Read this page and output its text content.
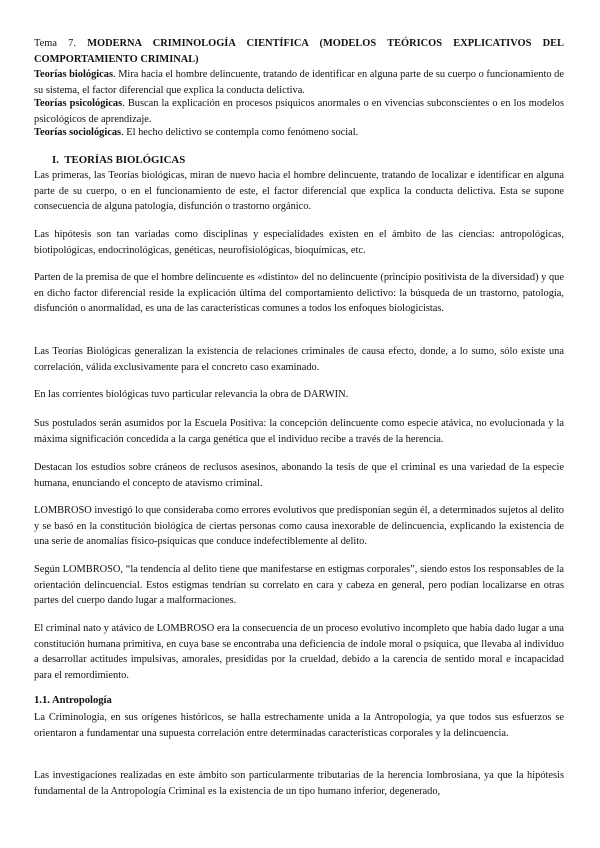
Tema 7. MODERNA CRIMINOLOGÍA CIENTÍFICA (MODELOS TEÓRICOS EXPLICATIVOS DEL COMPORTAMIENTO CRIMINAL)

Teorías biológicas. Mira hacia el hombre delincuente, tratando de identificar en alguna parte de su cuerpo o funcionamiento de su sistema, el factor diferencial que explica la conducta delictiva.

Teorías psicológicas. Buscan la explicación en procesos psíquicos anormales o en vivencias subconscientes o en los modelos psicológicos de aprendizaje.

Teorías sociológicas. El hecho delictivo se contempla como fenómeno social.

I. TEORÍAS BIOLÓGICAS

Las primeras, las Teorías biológicas, miran de nuevo hacia el hombre delincuente, tratando de localizar e identificar en alguna parte de su cuerpo, o en el funcionamiento de este, el factor diferencial que explica la conducta delictiva. Esta se supone consecuencia de alguna patología, disfunción o trastorno orgánico.

Las hipótesis son tan variadas como disciplinas y especialidades existen en el ámbito de las ciencias: antropológicas, biotipológicas, endocrinológicas, genéticas, neurofisiológicas, bioquímicas, etc.

Parten de la premisa de que el hombre delincuente es «distinto» del no delincuente (principio positivista de la diversidad) y que en dicho factor diferencial reside la explicación última del comportamiento delictivo: la búsqueda de un trastorno, patología, disfunción o anormalidad, es una de las características comunes a todos los enfoques biologicistas.

Las Teorías Biológicas generalizan la existencia de relaciones criminales de causa efecto, donde, a lo sumo, sólo existe una correlación, válida exclusivamente para el concreto caso examinado.

En las corrientes biológicas tuvo particular relevancia la obra de DARWIN.

Sus postulados serán asumidos por la Escuela Positiva: la concepción delincuente como especie atávica, no evolucionada y la máxima significación concedida a la carga genética que el individuo recibe a través de la herencia.

Destacan los estudios sobre cráneos de reclusos asesinos, abonando la tesis de que el criminal es una variedad de la especie humana, enunciando el concepto de atavismo criminal.

LOMBROSO investigó lo que consideraba como errores evolutivos que predisponían según él, a determinados sujetos al delito y se basó en la constitución biológica de ciertas personas como causa inexorable de delincuencia, explicando la existencia de una serie de anomalías físico-psíquicas que conduce indefectiblemente al delito.

Según LOMBROSO, “la tendencia al delito tiene que manifestarse en estigmas corporales”, siendo estos los responsables de la orientación delincuencial. Estos estigmas tendrían su correlato en cara y cabeza en general, pero podían localizarse en otras partes del cuerpo dando lugar a malformaciones.

El criminal nato y atávico de LOMBROSO era la consecuencia de un proceso evolutivo incompleto que había dado lugar a una constitución humana primitiva, en cuya base se encontraba una deficiencia de índole moral o psíquica, que llevaba al individuo a desarrollar actitudes impulsivas, amorales, presididas por la crueldad, debido a la carencia de sentido moral e incapacidad para el remordimiento.

1.1. Antropología

La Criminología, en sus orígenes históricos, se halla estrechamente unida a la Antropología, ya que todos sus esfuerzos se orientaron a fundamentar una supuesta correlación entre determinadas características corporales y la delincuencia.

Las investigaciones realizadas en este ámbito son particularmente tributarias de la herencia lombrosiana, ya que la hipótesis fundamental de la Antropología Criminal es la existencia de un tipo humano inferior, degenerado,
